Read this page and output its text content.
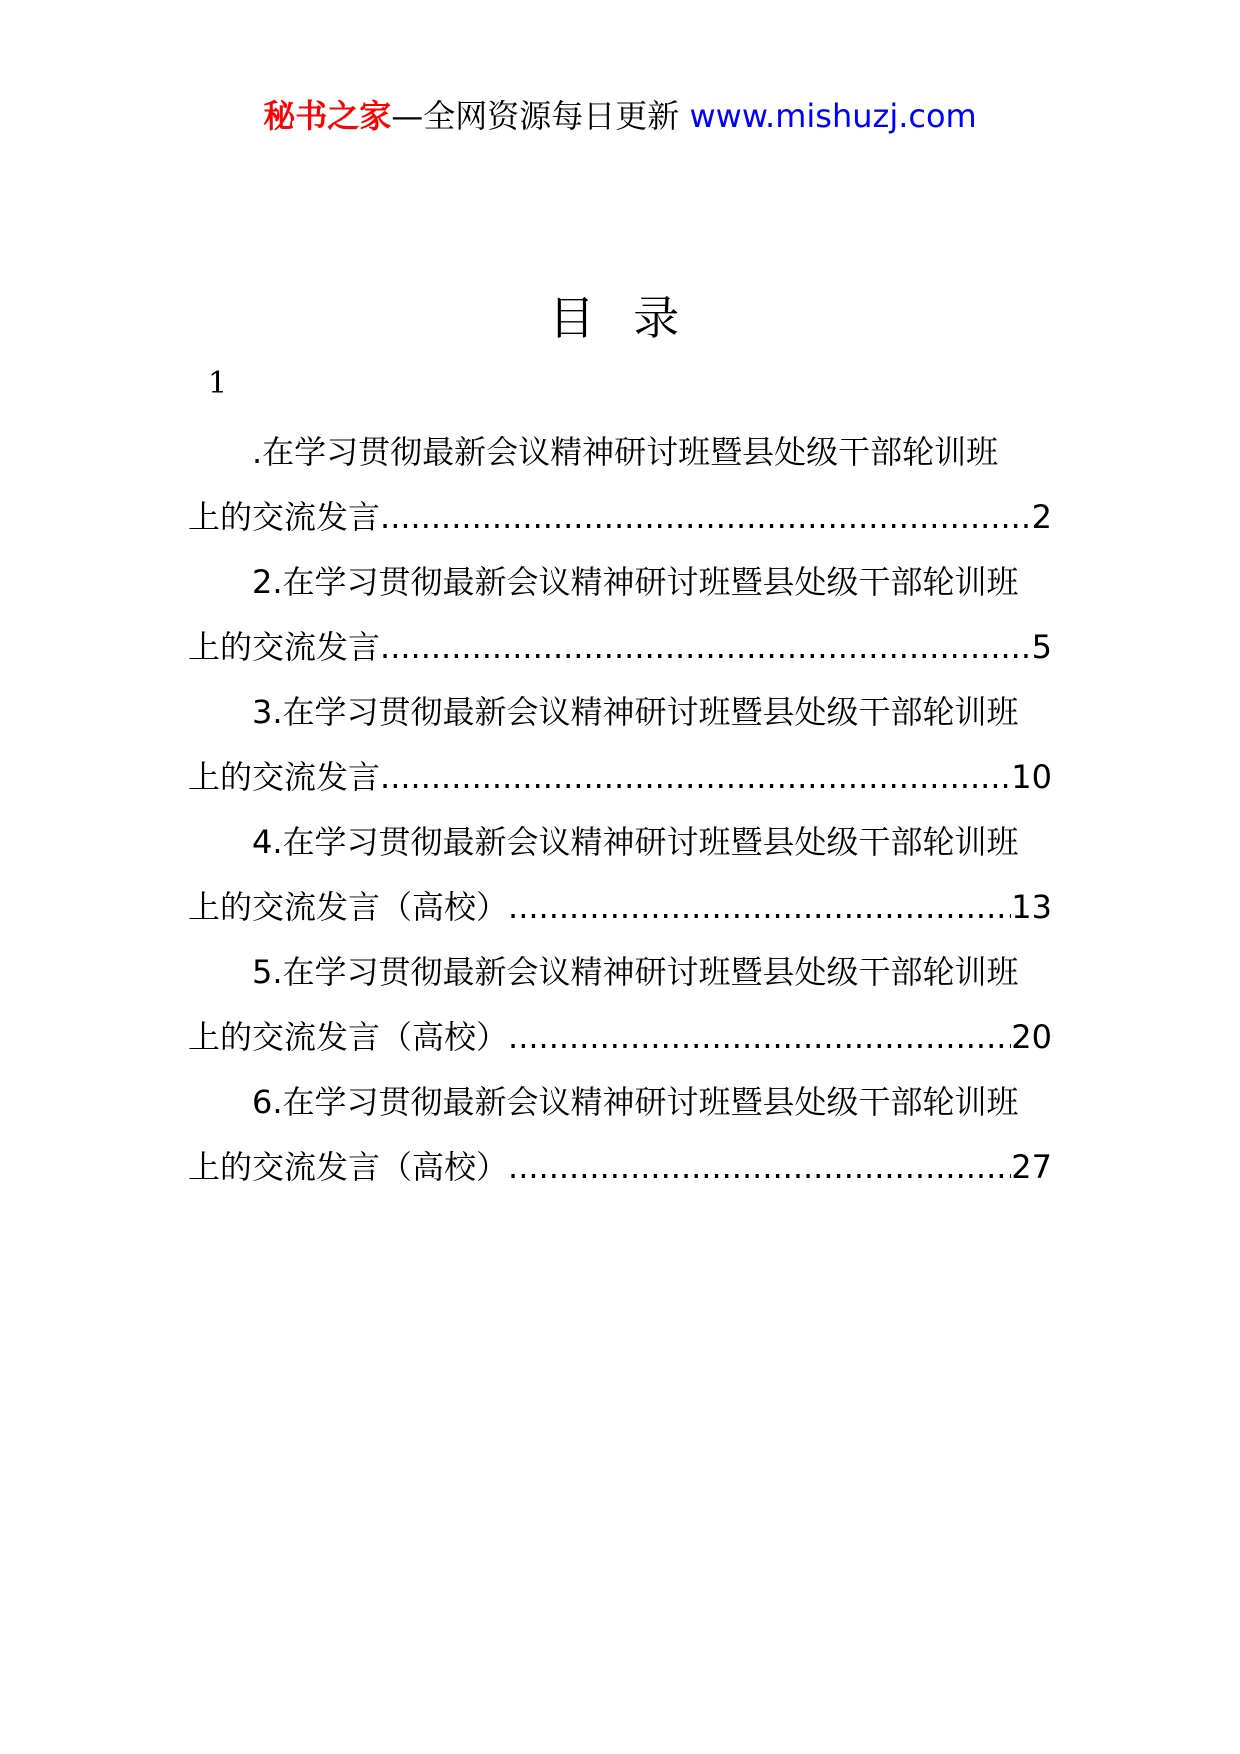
秘书之家—全网资源每日更新 www.mishuzj.com
目 录
1
.在学习贯彻最新会议精神研讨班暨县处级干部轮训班
上的交流发言 .....	2
2.在学习贯彻最新会议精神研讨班暨县处级干部轮训班
上的交流发言 .....	5
3.在学习贯彻最新会议精神研讨班暨县处级干部轮训班
上的交流发言 .....	10
4.在学习贯彻最新会议精神研讨班暨县处级干部轮训班
上的交流发言（高校） .....	13
5.在学习贯彻最新会议精神研讨班暨县处级干部轮训班
上的交流发言（高校） .....	20
6.在学习贯彻最新会议精神研讨班暨县处级干部轮训班
上的交流发言（高校） .....	27
